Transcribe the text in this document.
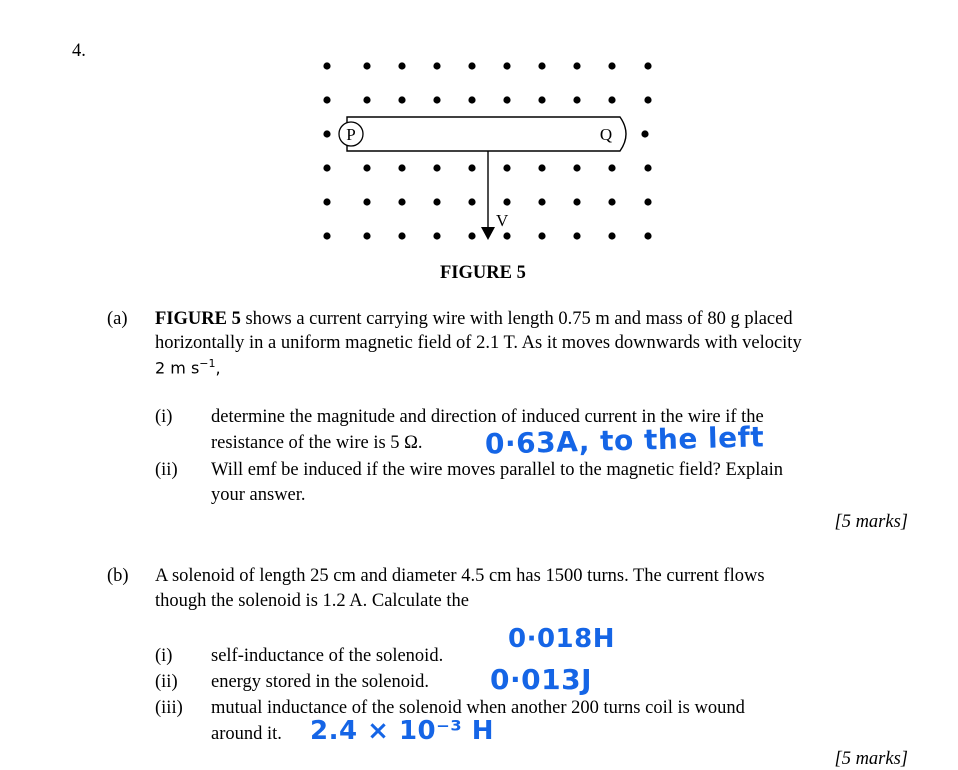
4.
P	Q
V
FIGURE 5
(a) FIGURE 5 shows a current carrying wire with length 0.75 m and mass of 80 g placed
horizontally in a uniform magnetic field of 2.1 T. As it moves downwards with velocity
2 m $s^{-1}$,
(i) determine the magnitude and direction of induced current in the wire if the
resistance of the wire is 5 Ω. 0·63A, to the left
(ii) Will emf be induced if the wire moves parallel to the magnetic field? Explain
your answer.
[5 marks]
(b) A solenoid of length 25 cm and diameter 4.5 cm has 1500 turns. The current flows
though the solenoid is 1.2 A. Calculate the
(i) self-inductance of the solenoid.
0·018H
(ii) energy stored in the solenoid. 0·013J
(iii) mutual inductance of the solenoid when another 200 turns coil is wound
around it. 2.4 × 10⁻³ H
[5 marks]
